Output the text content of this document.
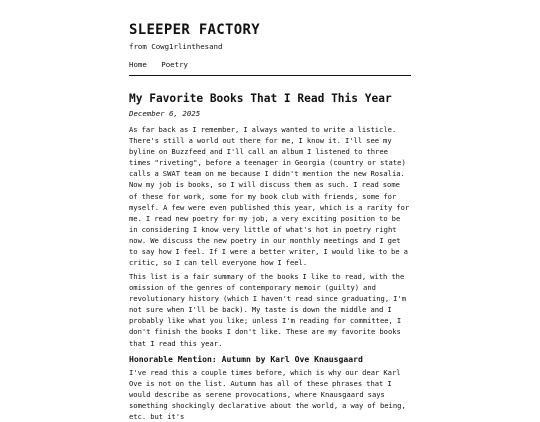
SLEEPER FACTORY
from Cowg1rlinthesand
Home Poetry
My Favorite Books That I Read This Year
December 6, 2025

As far back as I remember, I always wanted to write a listicle. There's still a world out there for me, I know it. I'll see my byline on Buzzfeed and I'll call an album I listened to three times "riveting", before a teenager in Georgia (country or state) calls a SWAT team on me because I didn't mention the new Rosalía. Now my job is books, so I will discuss them as such. I read some of these for work, some for my book club with friends, some for myself. A few were even published this year, which is a rarity for me. I read new poetry for my job, a very exciting position to be in considering I know very little of what's hot in poetry right now. We discuss the new poetry in our monthly meetings and I get to say how I feel. If I were a better writer, I would like to be a critic, so I can tell everyone how I feel.

This list is a fair summary of the books I like to read, with the omission of the genres of contemporary memoir (guilty) and revolutionary history (which I haven't read since graduating, I'm not sure when I'll be back). My taste is down the middle and I probably like what you like; unless I'm reading for committee, I don't finish the books I don't like. These are my favorite books that I read this year.

Honorable Mention: Autumn by Karl Ove Knausgaard

I've read this a couple times before, which is why our dear Karl Ove is not on the list. Autumn has all of these phrases that I would describe as serene provocations, where Knausgaard says something shockingly declarative about the world, a way of being, etc. but it's
